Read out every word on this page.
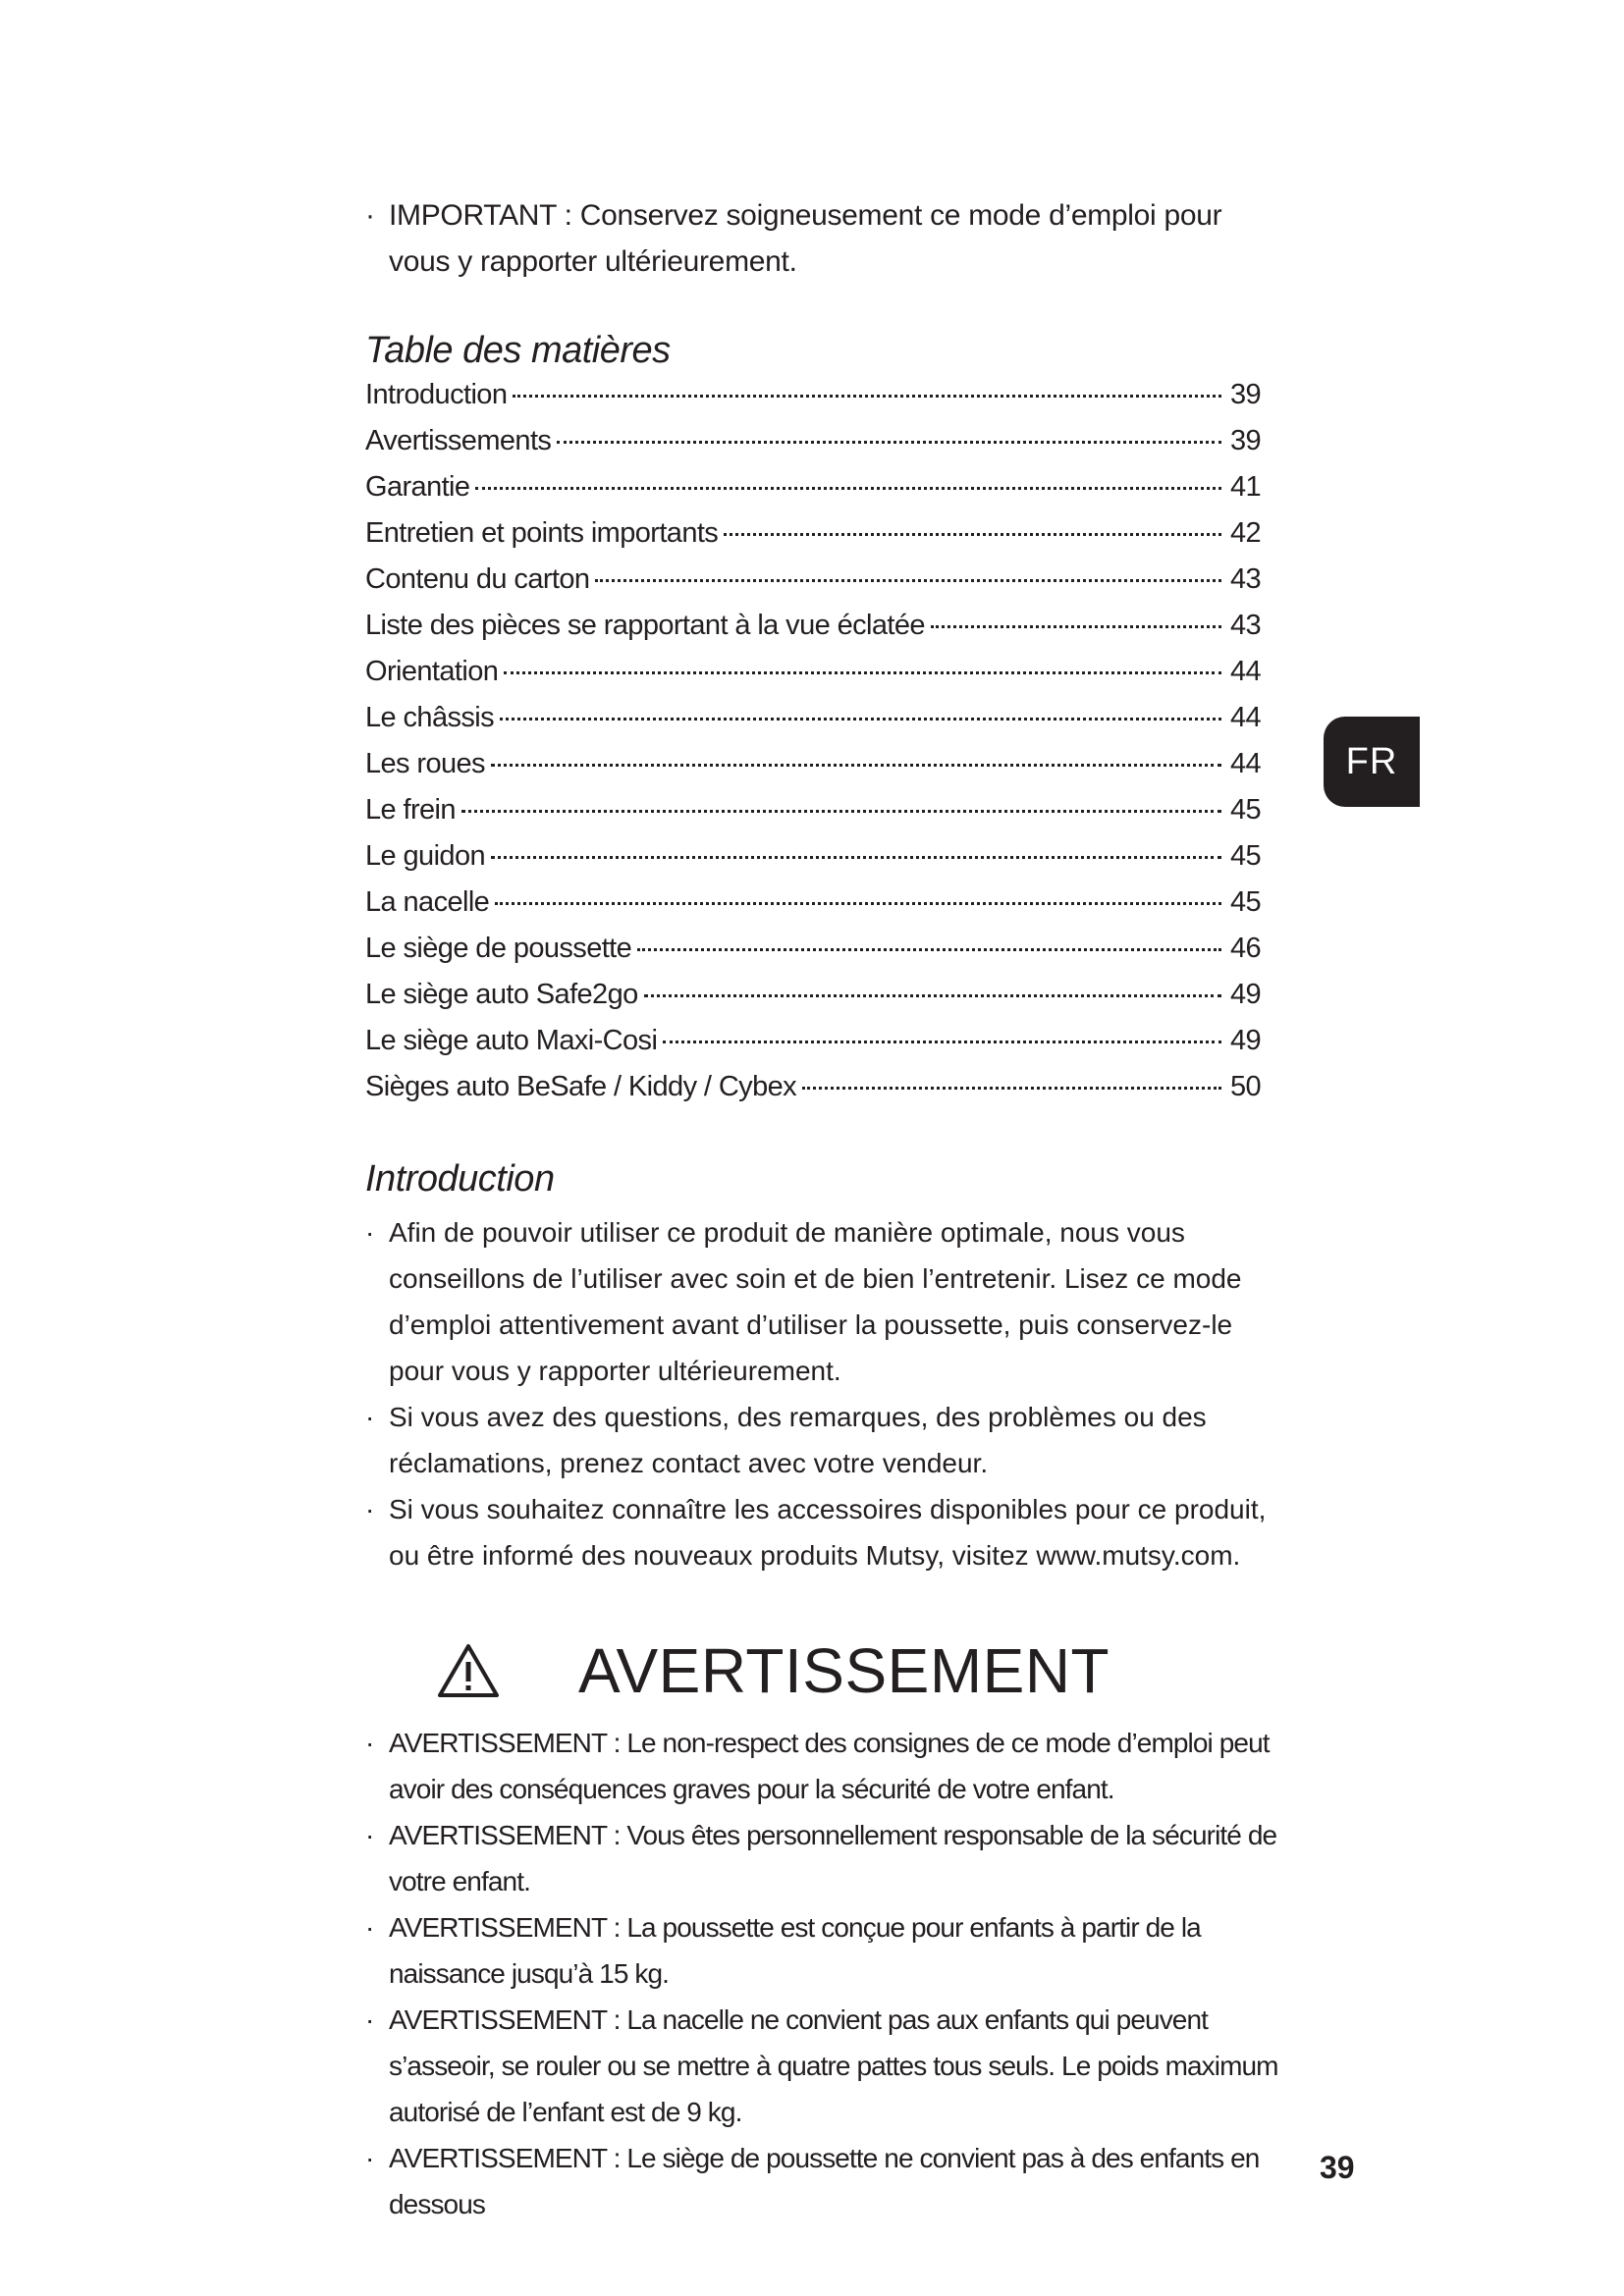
· IMPORTANT : Conservez soigneusement ce mode d’emploi pour vous y rapporter ultérieurement.
Table des matières
Introduction	39
Avertissements	39
Garantie	41
Entretien et points importants	42
Contenu du carton	43
Liste des pièces se rapportant à la vue éclatée	43
Orientation	44
Le châssis	44
Les roues	44
Le frein	45
Le guidon	45
La nacelle	45
Le siège de poussette	46
Le siège auto Safe2go	49
Le siège auto Maxi-Cosi	49
Sièges auto BeSafe / Kiddy / Cybex	50
Introduction
· Afin de pouvoir utiliser ce produit de manière optimale, nous vous conseillons de l’utiliser avec soin et de bien l’entretenir. Lisez ce mode d’emploi attentivement avant d’utiliser la poussette, puis conservez-le pour vous y rapporter ultérieurement.
· Si vous avez des questions, des remarques, des problèmes ou des réclamations, prenez contact avec votre vendeur.
· Si vous souhaitez connaître les accessoires disponibles pour ce produit, ou être informé des nouveaux produits Mutsy, visitez www.mutsy.com.
AVERTISSEMENT
· AVERTISSEMENT : Le non-respect des consignes de ce mode d’emploi peut avoir des conséquences graves pour la sécurité de votre enfant.
· AVERTISSEMENT : Vous êtes personnellement responsable de la sécurité de votre enfant.
· AVERTISSEMENT : La poussette est conçue pour enfants à partir de la naissance jusqu’à 15 kg.
· AVERTISSEMENT : La nacelle ne convient pas aux enfants qui peuvent s’asseoir, se rouler ou se mettre à quatre pattes tous seuls. Le poids maximum autorisé de l’enfant est de 9 kg.
· AVERTISSEMENT : Le siège de poussette ne convient pas à des enfants en dessous
FR
39
